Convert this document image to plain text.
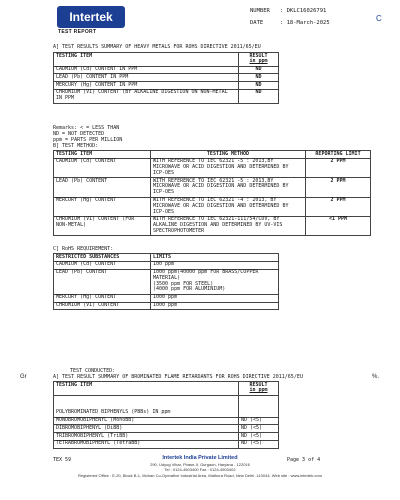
Intertek
TEST REPORT
NUMBER : DKLC16026791
DATE	: 18-March-2025	C
A] TEST RESULTS SUMMARY OF HEAVY METALS FOR ROHS DIRECTIVE 2011/65/EU
TESTING ITEM	RESULT
in ppm
CADMIUM (Cd) CONTENT IN PPM	ND
LEAD (Pb) CONTENT IN PPM	ND
MERCURY (Hg) CONTENT IN PPM	ND
CHROMIUM (VI) CONTENT (BY ALKALINE DIGESTION ON NON-METAL IN PPM	ND
Remarks: < = LESS THAN
ND = NOT DETECTED
ppm = PARTS PER MILLION
B] TEST METHOD:
TESTING ITEM	TESTING METHOD	REPORTING LIMIT
CADMIUM (Cd) CONTENT	WITH REFERENCE TO IEC 62321 -5 : 2013,BY MICROWAVE OR ACID DIGESTION AND DETERMINED BY ICP-OES	2 PPM
LEAD (Pb) CONTENT	WITH REFERENCE TO IEC 62321 -5 : 2013,BY MICROWAVE OR ACID DIGESTION AND DETERMINED BY ICP-OES	2 PPM
MERCURY (Hg) CONTENT	WITH REFERENCE TO IEC 62321 -4 : 2013, BY MICROWAVE OR ACID DIGESTION AND DETERMINED BY ICP-OES	2 PPM
CHROMIUM (VI) CONTENT (FOR NON-METAL)	WITH REFERENCE TO IEC 62321-111/54/CDV, BY ALKALINE DIGESTION AND DETERMINED BY UV-VIS SPECTROPHOTOMETER	<1 PPM
C] RoHS REQUIREMENT:
RESTRICTED SUBSTANCES	LIMITS
CADMIUM (Cd) CONTENT	100 ppm
LEAD (Pb) CONTENT	1000 ppm(40000 ppm FOR BRASS/COPPER MATERIAL)
(3500 ppm FOR STEEL)
(4000 ppm FOR ALUMINIUM)
MERCURY (Hg) CONTENT	1000 ppm
CHROMIUM (VI) CONTENT	1000 ppm
Gr	%.
TEST CONDUCTED:
A] TEST RESULT SUMMARY OF BROMINATED FLAME RETARDANTS FOR ROHS DIRECTIVE 2011/65/EU
TESTING ITEM	RESULT
in ppm
POLYBROMINATED BIPHENYLS (PBBs) IN ppm	
MONOBROMOBIPHENYL (MonoBB)	ND (<5)
DIBROMOBIPHENYL (DiBB)	ND (<5)
TRIBROMOBIPHENYL (TriBB)	ND (<5)
TETRABROMOBIPHENYL (TetraBB)	ND (<5)
TEX 59	Page 3 of 4
Intertek India Private Limited
290, Udyog Vihar, Phase-II, Gurgaon, Haryana - 122016
Tel : 0124-4503400 Fax : 0124-4503402
Registered Office : E-20, Block B-1, Mohan Co-Operative Industrial Area, Mathura Road, New Delhi -110044. Web site : www.intertek.com
